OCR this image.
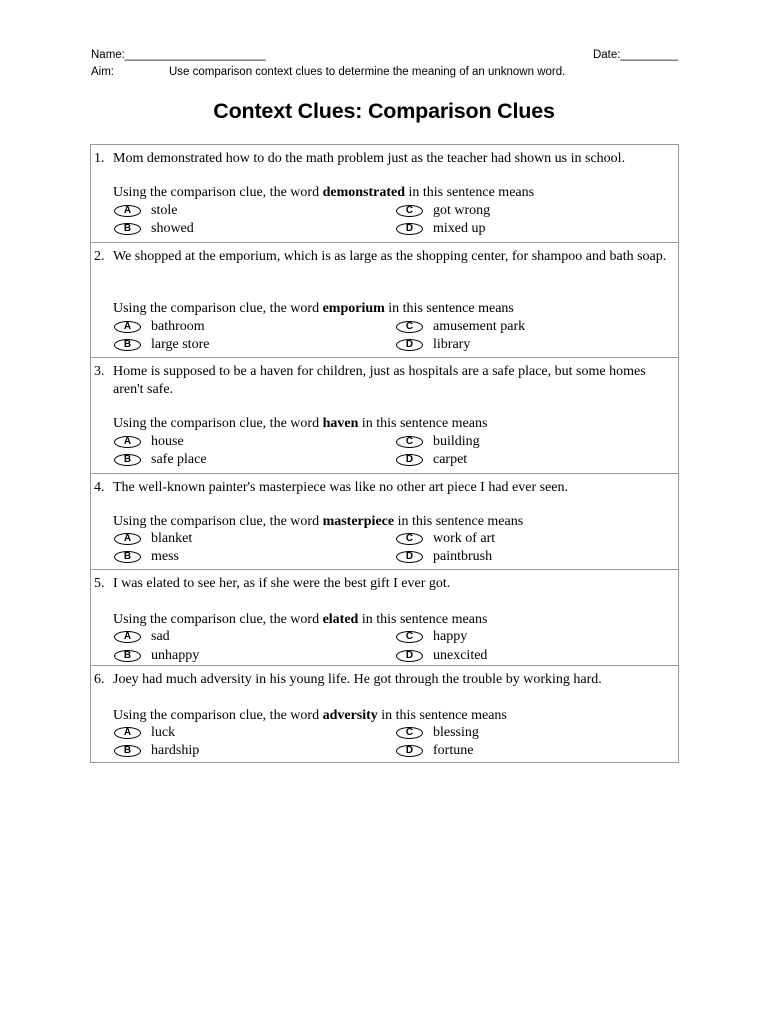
Name:______________________	Date:_________
Aim:	Use comparison context clues to determine the meaning of an unknown word.
Context Clues: Comparison Clues
1. Mom demonstrated how to do the math problem just as the teacher had shown us in school.
Using the comparison clue, the word demonstrated in this sentence means
A	stole
B	showed
C	got wrong
D	mixed up
2. We shopped at the emporium, which is as large as the shopping center, for shampoo and bath soap.
Using the comparison clue, the word emporium in this sentence means
A	bathroom
B	large store
C	amusement park
D	library
3. Home is supposed to be a haven for children, just as hospitals are a safe place, but some homes aren't safe.
Using the comparison clue, the word haven in this sentence means
A	house
B	safe place
C	building
D	carpet
4. The well-known painter's masterpiece was like no other art piece I had ever seen.
Using the comparison clue, the word masterpiece in this sentence means
A	blanket
B	mess
C	work of art
D	paintbrush
5. I was elated to see her, as if she were the best gift I ever got.
Using the comparison clue, the word elated in this sentence means
A	sad
B	unhappy
C	happy
D	unexcited
6. Joey had much adversity in his young life. He got through the trouble by working hard.
Using the comparison clue, the word adversity in this sentence means
A	luck
B	hardship
C	blessing
D	fortune
